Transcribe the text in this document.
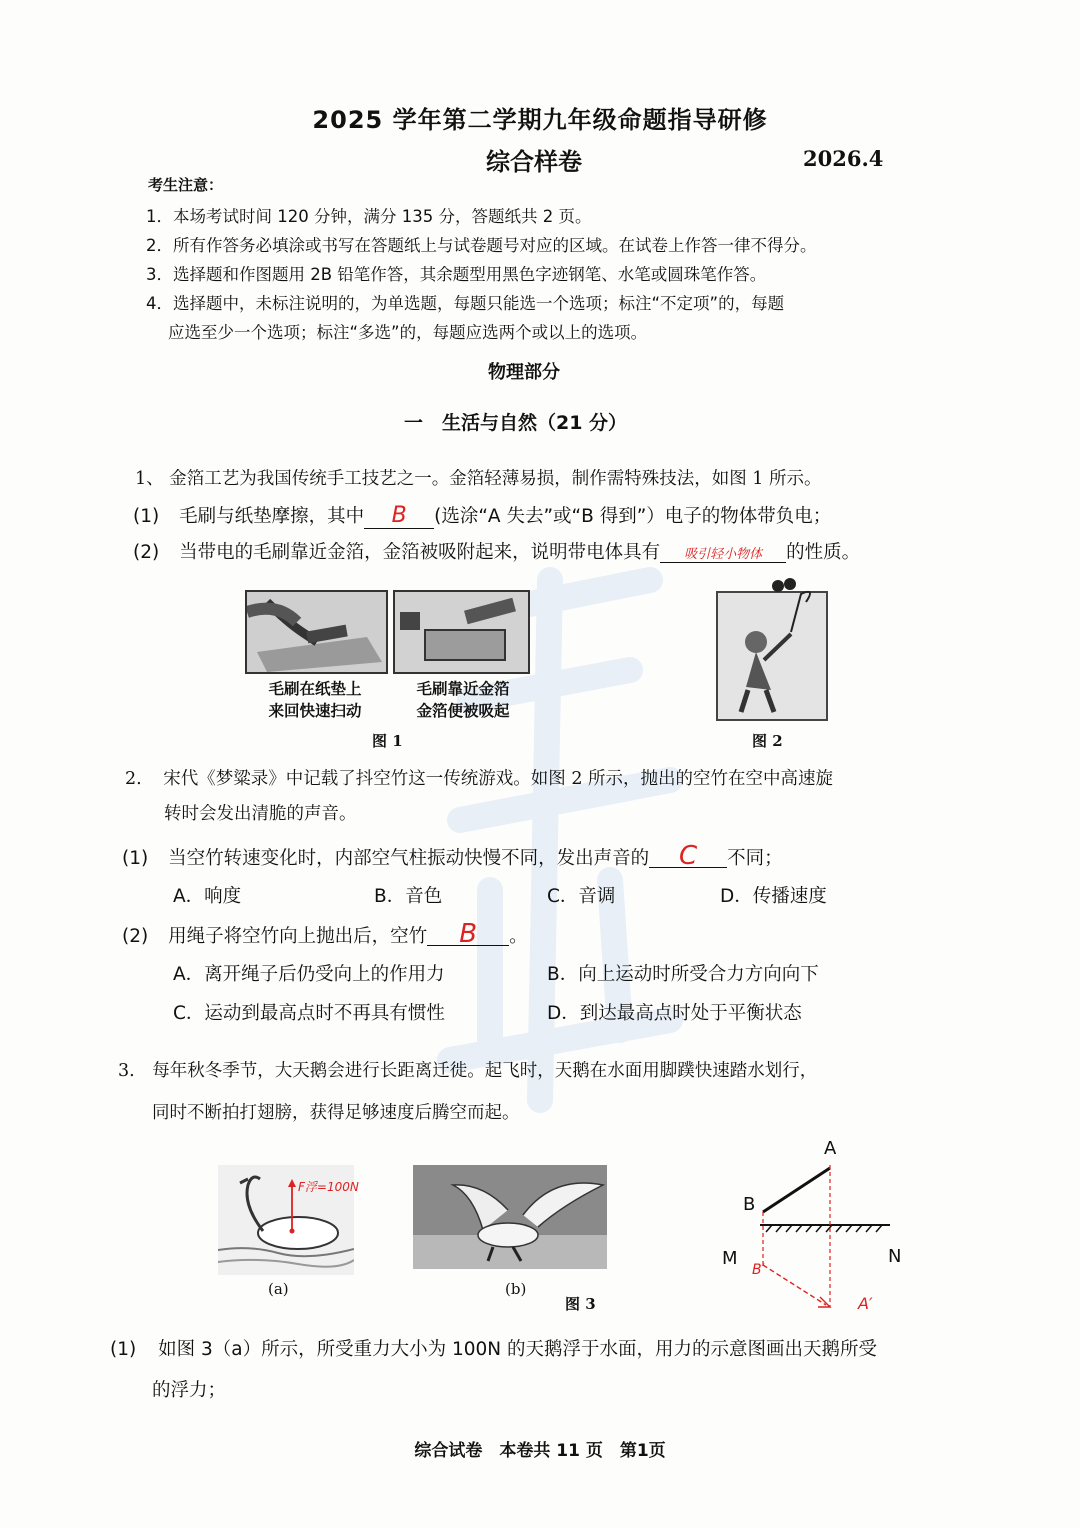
2025 学年第二学期九年级命题指导研修
综合样卷	2026.4
考生注意：
1．本场考试时间 120 分钟，满分 135 分，答题纸共 2 页。
2．所有作答务必填涂或书写在答题纸上与试卷题号对应的区域。在试卷上作答一律不得分。
3．选择题和作图题用 2B 铅笔作答，其余题型用黑色字迹钢笔、水笔或圆珠笔作答。
4．选择题中，未标注说明的，为单选题，每题只能选一个选项；标注“不定项”的，每题
应选至少一个选项；标注“多选”的，每题应选两个或以上的选项。
物理部分
一　生活与自然（21 分）
1、 金箔工艺为我国传统手工技艺之一。金箔轻薄易损，制作需特殊技法，如图 1 所示。
(1) 毛刷与纸垫摩擦，其中 B (选涂“A 失去”或“B 得到”）电子的物体带负电；
(2) 当带电的毛刷靠近金箔，金箔被吸附起来，说明带电体具有 吸引轻小物体 的性质。
毛刷在纸垫上
来回快速扫动
毛刷靠近金箔
金箔便被吸起
图 1	图 2
2. 宋代《梦粱录》中记载了抖空竹这一传统游戏。如图 2 所示，抛出的空竹在空中高速旋
转时会发出清脆的声音。
(1) 当空竹转速变化时，内部空气柱振动快慢不同，发出声音的 C 不同；
A．响度	B．音色	C．音调	D．传播速度
(2) 用绳子将空竹向上抛出后，空竹 B 。
A．离开绳子后仍受向上的作用力	B．向上运动时所受合力方向向下
C．运动到最高点时不再具有惯性	D．到达最高点时处于平衡状态
3. 每年秋冬季节，大天鹅会进行长距离迁徙。起飞时，天鹅在水面用脚蹼快速踏水划行，
同时不断拍打翅膀，获得足够速度后腾空而起。
F浮=100N
(a)	(b)
图 3
A
B
M	N
B′
A′
(1) 如图 3（a）所示，所受重力大小为 100N 的天鹅浮于水面，用力的示意图画出天鹅所受
的浮力；
综合试卷　本卷共 11 页　第1页
